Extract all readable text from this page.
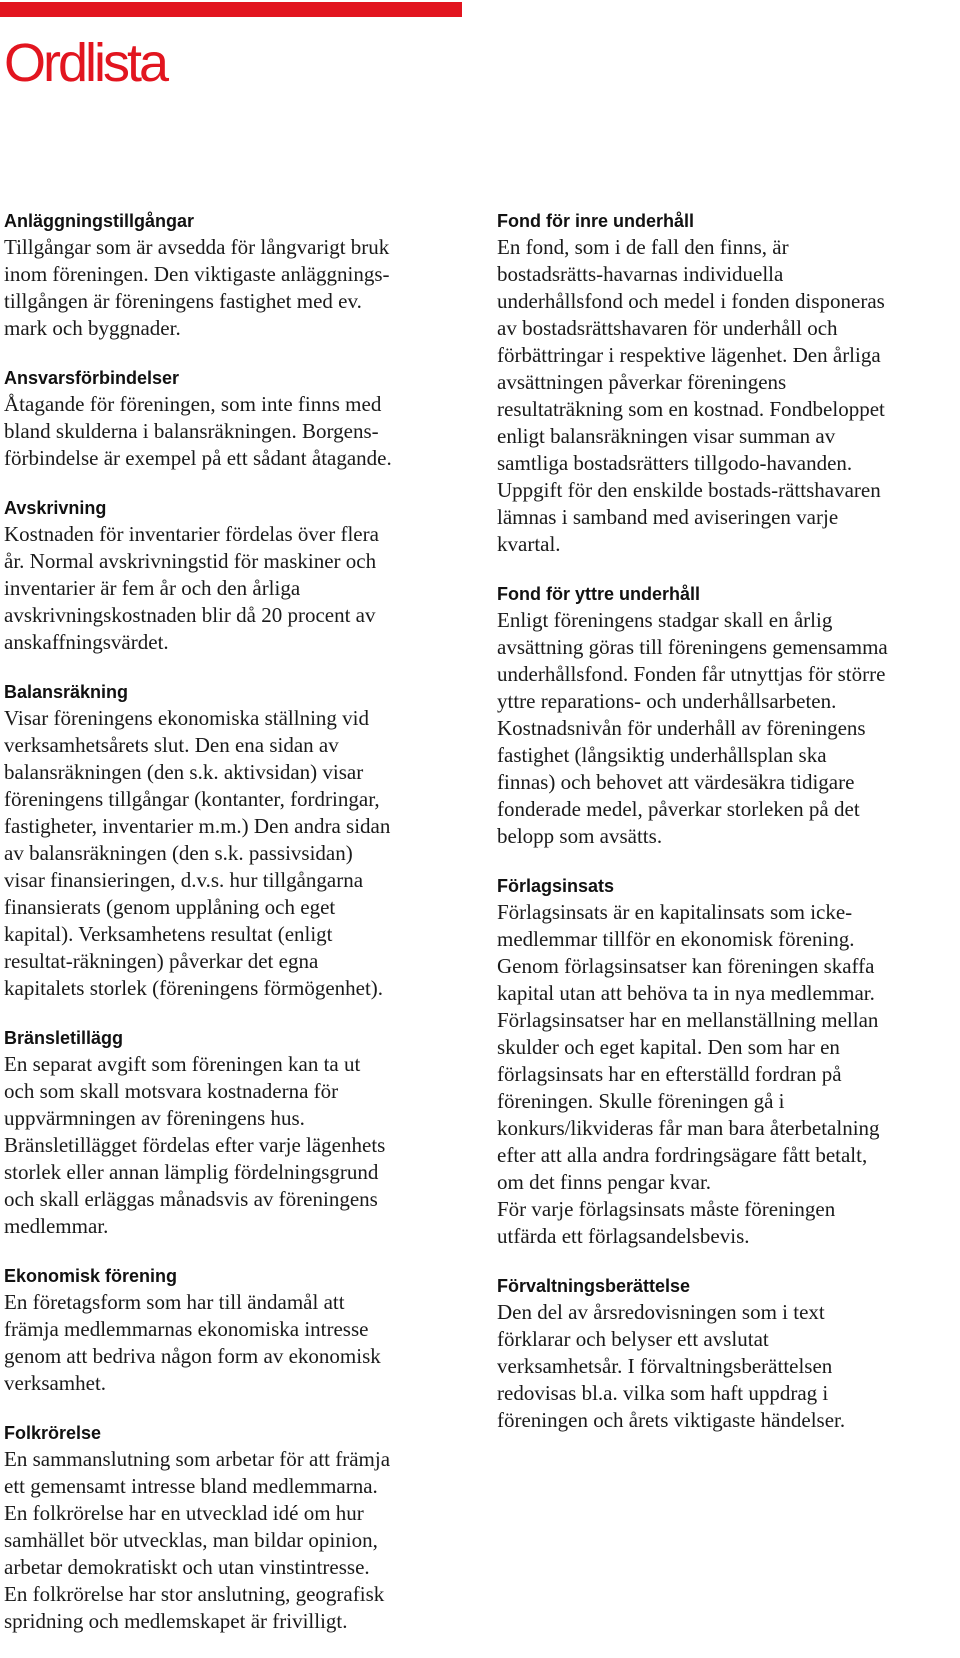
Ordlista

Anläggningstillgångar

Tillgångar som är avsedda för långvarigt bruk
inom föreningen. Den viktigaste anläggnings-
tillgången är föreningens fastighet med ev.
mark och byggnader.

Ansvarsförbindelser

Åtagande för föreningen, som inte finns med
bland skulderna i balansräkningen. Borgens-
förbindelse är exempel på ett sådant åtagande.

Avskrivning

Kostnaden för inventarier fördelas över flera
år. Normal avskrivningstid för maskiner och
inventarier är fem år och den årliga
avskrivningskostnaden blir då 20 procent av
anskaffningsvärdet.

Balansräkning

Visar föreningens ekonomiska ställning vid
verksamhetsårets slut. Den ena sidan av
balansräkningen (den s.k. aktivsidan) visar
föreningens tillgångar (kontanter, fordringar,
fastigheter, inventarier m.m.) Den andra sidan
av balansräkningen (den s.k. passivsidan)
visar finansieringen, d.v.s. hur tillgångarna
finansierats (genom upplåning och eget
kapital). Verksamhetens resultat (enligt
resultat-räkningen) påverkar det egna
kapitalets storlek (föreningens förmögenhet).

Bränsletillägg

En separat avgift som föreningen kan ta ut
och som skall motsvara kostnaderna för
uppvärmningen av föreningens hus.
Bränsletillägget fördelas efter varje lägenhets
storlek eller annan lämplig fördelningsgrund
och skall erläggas månadsvis av föreningens
medlemmar.

Ekonomisk förening

En företagsform som har till ändamål att
främja medlemmarnas ekonomiska intresse
genom att bedriva någon form av ekonomisk
verksamhet.

Folkrörelse

En sammanslutning som arbetar för att främja
ett gemensamt intresse bland medlemmarna.
En folkrörelse har en utvecklad idé om hur
samhället bör utvecklas, man bildar opinion,
arbetar demokratiskt och utan vinstintresse.
En folkrörelse har stor anslutning, geografisk
spridning och medlemskapet är frivilligt.

Fond för inre underhåll

En fond, som i de fall den finns, är
bostadsrätts-havarnas individuella
underhållsfond och medel i fonden disponeras
av bostadsrättshavaren för underhåll och
förbättringar i respektive lägenhet. Den årliga
avsättningen påverkar föreningens
resultaträkning som en kostnad. Fondbeloppet
enligt balansräkningen visar summan av
samtliga bostadsrätters tillgodo-havanden.
Uppgift för den enskilde bostads-rättshavaren
lämnas i samband med aviseringen varje
kvartal.

Fond för yttre underhåll

Enligt föreningens stadgar skall en årlig
avsättning göras till föreningens gemensamma
underhållsfond. Fonden får utnyttjas för större
yttre reparations- och underhållsarbeten.
Kostnadsnivån för underhåll av föreningens
fastighet (långsiktig underhållsplan ska
finnas) och behovet att värdesäkra tidigare
fonderade medel, påverkar storleken på det
belopp som avsätts.

Förlagsinsats

Förlagsinsats är en kapitalinsats som icke-
medlemmar tillför en ekonomisk förening.
Genom förlagsinsatser kan föreningen skaffa
kapital utan att behöva ta in nya medlemmar.
Förlagsinsatser har en mellanställning mellan
skulder och eget kapital. Den som har en
förlagsinsats har en efterställd fordran på
föreningen. Skulle föreningen gå i
konkurs/likvideras får man bara återbetalning
efter att alla andra fordringsägare fått betalt,
om det finns pengar kvar.
För varje förlagsinsats måste föreningen
utfärda ett förlagsandelsbevis.

Förvaltningsberättelse

Den del av årsredovisningen som i text
förklarar och belyser ett avslutat
verksamhetsår. I förvaltningsberättelsen
redovisas bl.a. vilka som haft uppdrag i
föreningen och årets viktigaste händelser.
